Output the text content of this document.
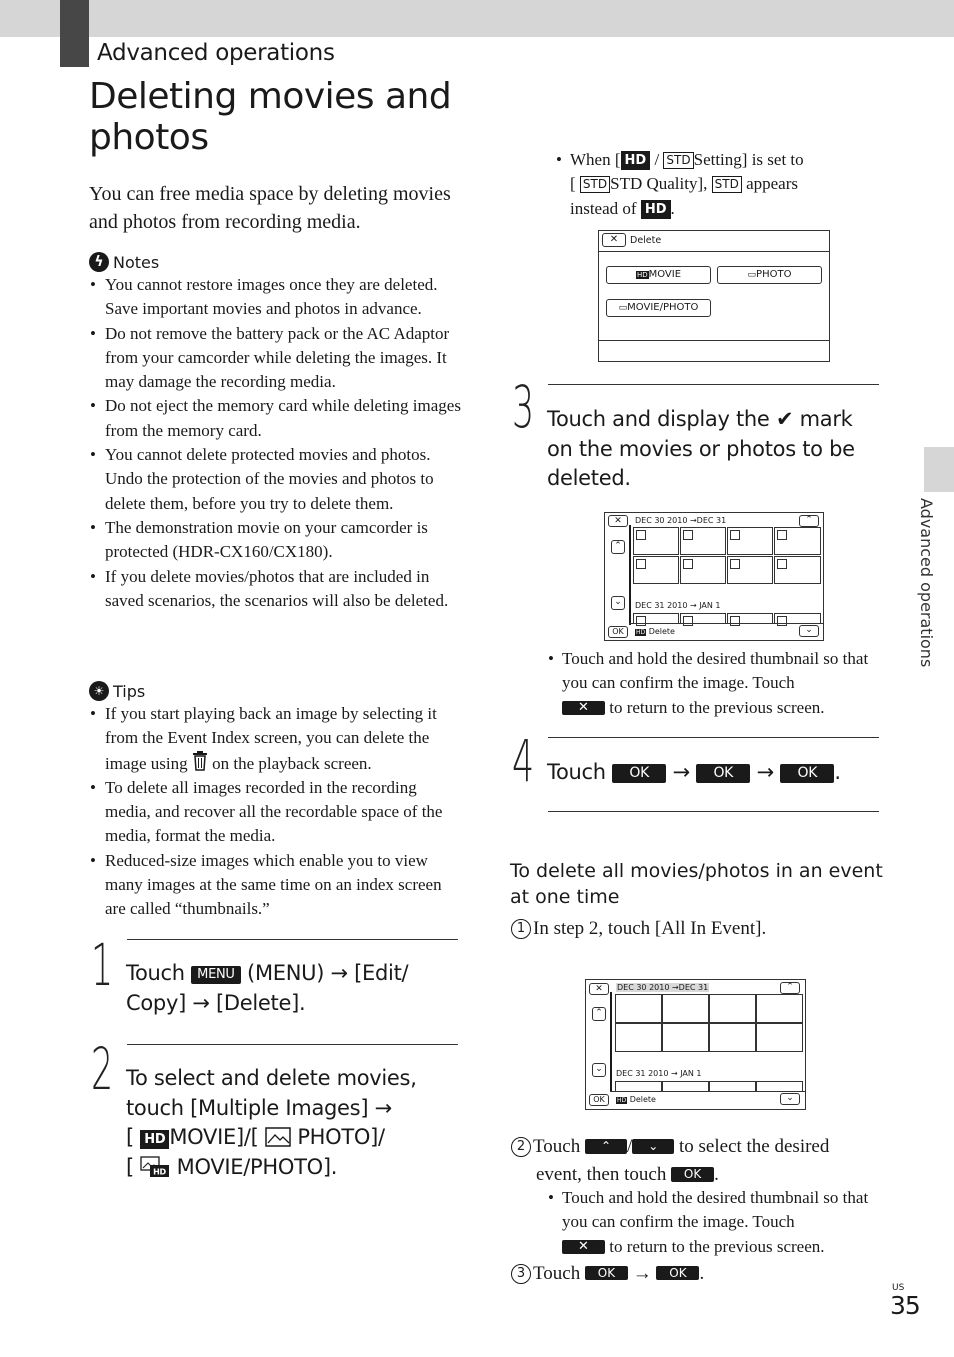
Advanced operations
Deleting movies and
photos
You can free media space by deleting movies and photos from recording media.
ϟ Notes
• You cannot restore images once they are deleted. Save important movies and photos in advance.
• Do not remove the battery pack or the AC Adaptor from your camcorder while deleting the images. It may damage the recording media.
• Do not eject the memory card while deleting images from the memory card.
• You cannot delete protected movies and photos. Undo the protection of the movies and photos to delete them, before you try to delete them.
• The demonstration movie on your camcorder is protected (HDR-CX160/CX180).
• If you delete movies/photos that are included in saved scenarios, the scenarios will also be deleted.
☀ Tips
• If you start playing back an image by selecting it from the Event Index screen, you can delete the image using on the playback screen.
• To delete all images recorded in the recording media, and recover all the recordable space of the media, format the media.
• Reduced-size images which enable you to view many images at the same time on an index screen are called “thumbnails.”
1 Touch MENU (MENU) → [Edit/
Copy] → [Delete].
2 To select and delete movies,
touch [Multiple Images] →
[ HD MOVIE]/[ PHOTO]/
[ HD MOVIE/PHOTO].
• When [ HD / STD Setting] is set to
[ STD STD Quality], STD appears
instead of HD .
✕	Delete
HDMOVIE	▭PHOTO
▭MOVIE/PHOTO
3 Touch and display the ✔ mark
on the movies or photos to be
deleted.
✕	DEC 30 2010 →DEC 31	⌃
⌃
⌄	DEC 31 2010 → JAN 1
OK	HD Delete	⌄
• Touch and hold the desired thumbnail so that you can confirm the image. Touch
✕ to return to the previous screen.
4 Touch OK → OK → OK .
To delete all movies/photos in an event
at one time
1 In step 2, touch [All In Event].
✕	DEC 30 2010 →DEC 31	⌃
⌃
⌄	DEC 31 2010 → JAN 1
OK	HD Delete	⌄
2 Touch ⌃ / ⌄ to select the desired
event, then touch OK .
• Touch and hold the desired thumbnail so that you can confirm the image. Touch
✕ to return to the previous screen.
3 Touch OK → OK .
Advanced operations
US
35
